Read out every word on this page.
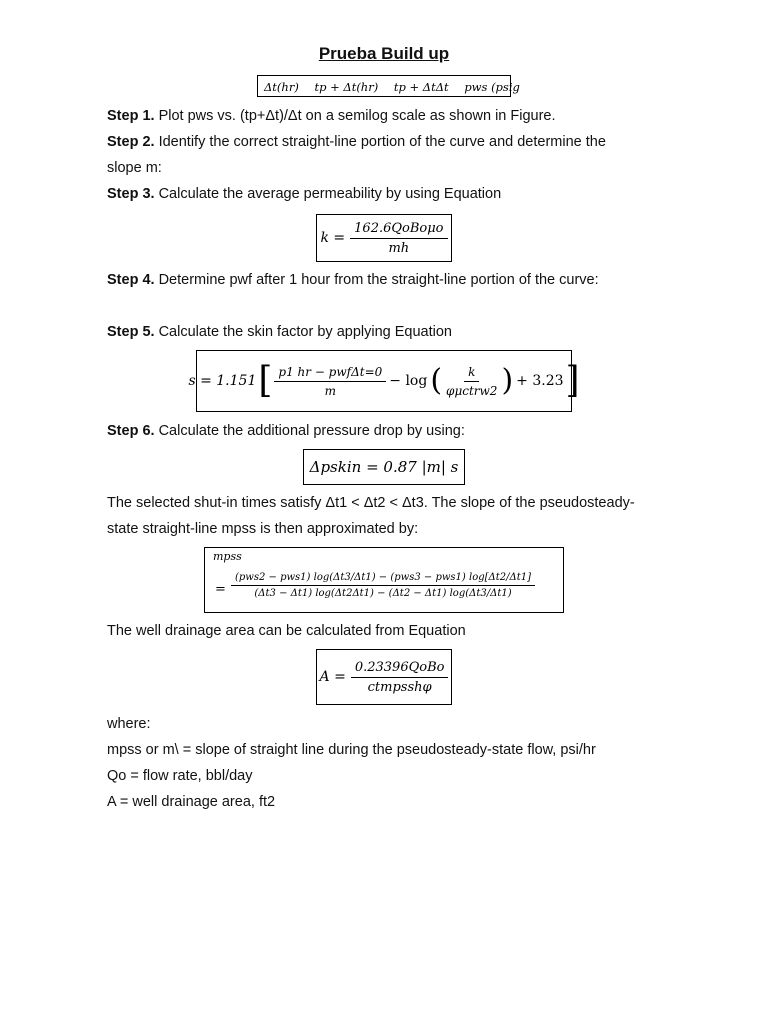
Prueba Build up
Δt(hr) tp + Δt(hr) tp + ΔtΔt pws (psig
Step 1. Plot pws vs. (tp+Δt)/Δt on a semilog scale as shown in Figure.
Step 2. Identify the correct straight-line portion of the curve and determine the
slope m:
Step 3. Calculate the average permeability by using Equation
$k = \frac{\text{162.6QoBoμo}}{mh}$
Step 4. Determine pwf after 1 hour from the straight-line portion of the curve:
Step 5. Calculate the skin factor by applying Equation
s = 1.151 [ $\frac{\text{p1 hr − pwfΔt=0}}{m} - \log$ ( $\frac{k}{\text{φμctrw2}}$ ) + 3.23 ]
Step 6. Calculate the additional pressure drop by using:
Δpskin = 0.87 |m| s
The selected shut-in times satisfy Δt1 < Δt2 < Δt3. The slope of the pseudosteady-
state straight-line mpss is then approximated by:
mpss
=
(pws2 − pws1) log(Δt3/Δt1) − (pws3 − pws1) log[Δt2/Δt1]
(Δt3 − Δt1) log(Δt2Δt1) − (Δt2 − Δt1) log(Δt3/Δt1)
The well drainage area can be calculated from Equation
$A = \frac{\text{0.23396QoBo}}{\text{ctmpsshφ}}$
where:
mpss or m\ = slope of straight line during the pseudosteady-state flow, psi/hr
Qo = flow rate, bbl/day
A = well drainage area, ft2
